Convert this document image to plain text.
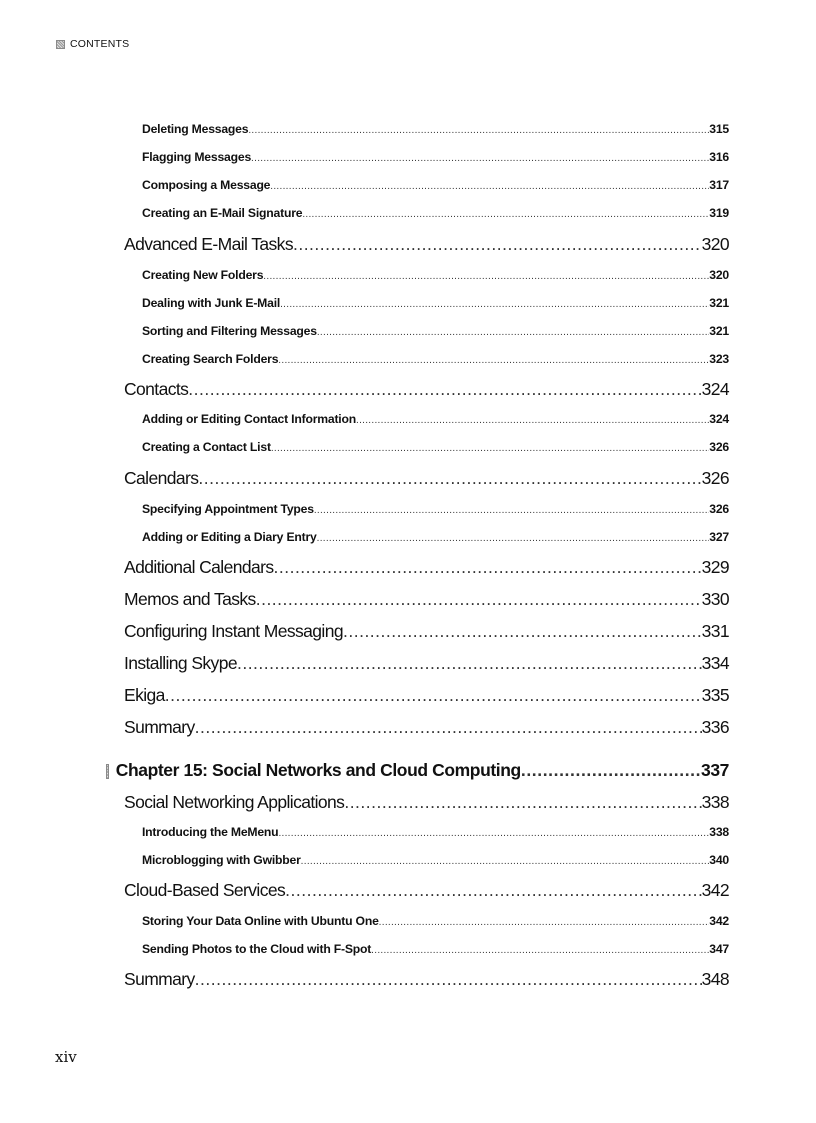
CONTENTS
Deleting Messages .....	315
Flagging Messages .....	316
Composing a Message .....	317
Creating an E-Mail Signature .....	319
Advanced E-Mail Tasks .....	320
Creating New Folders .....	320
Dealing with Junk E-Mail .....	321
Sorting and Filtering Messages .....	321
Creating Search Folders .....	323
Contacts .....	324
Adding or Editing Contact Information .....	324
Creating a Contact List .....	326
Calendars .....	326
Specifying Appointment Types .....	326
Adding or Editing a Diary Entry .....	327
Additional Calendars .....	329
Memos and Tasks .....	330
Configuring Instant Messaging .....	331
Installing Skype .....	334
Ekiga .....	335
Summary .....	336
Chapter 15: Social Networks and Cloud Computing .....	337
Social Networking Applications .....	338
Introducing the MeMenu .....	338
Microblogging with Gwibber .....	340
Cloud-Based Services .....	342
Storing Your Data Online with Ubuntu One .....	342
Sending Photos to the Cloud with F-Spot .....	347
Summary .....	348
xiv
